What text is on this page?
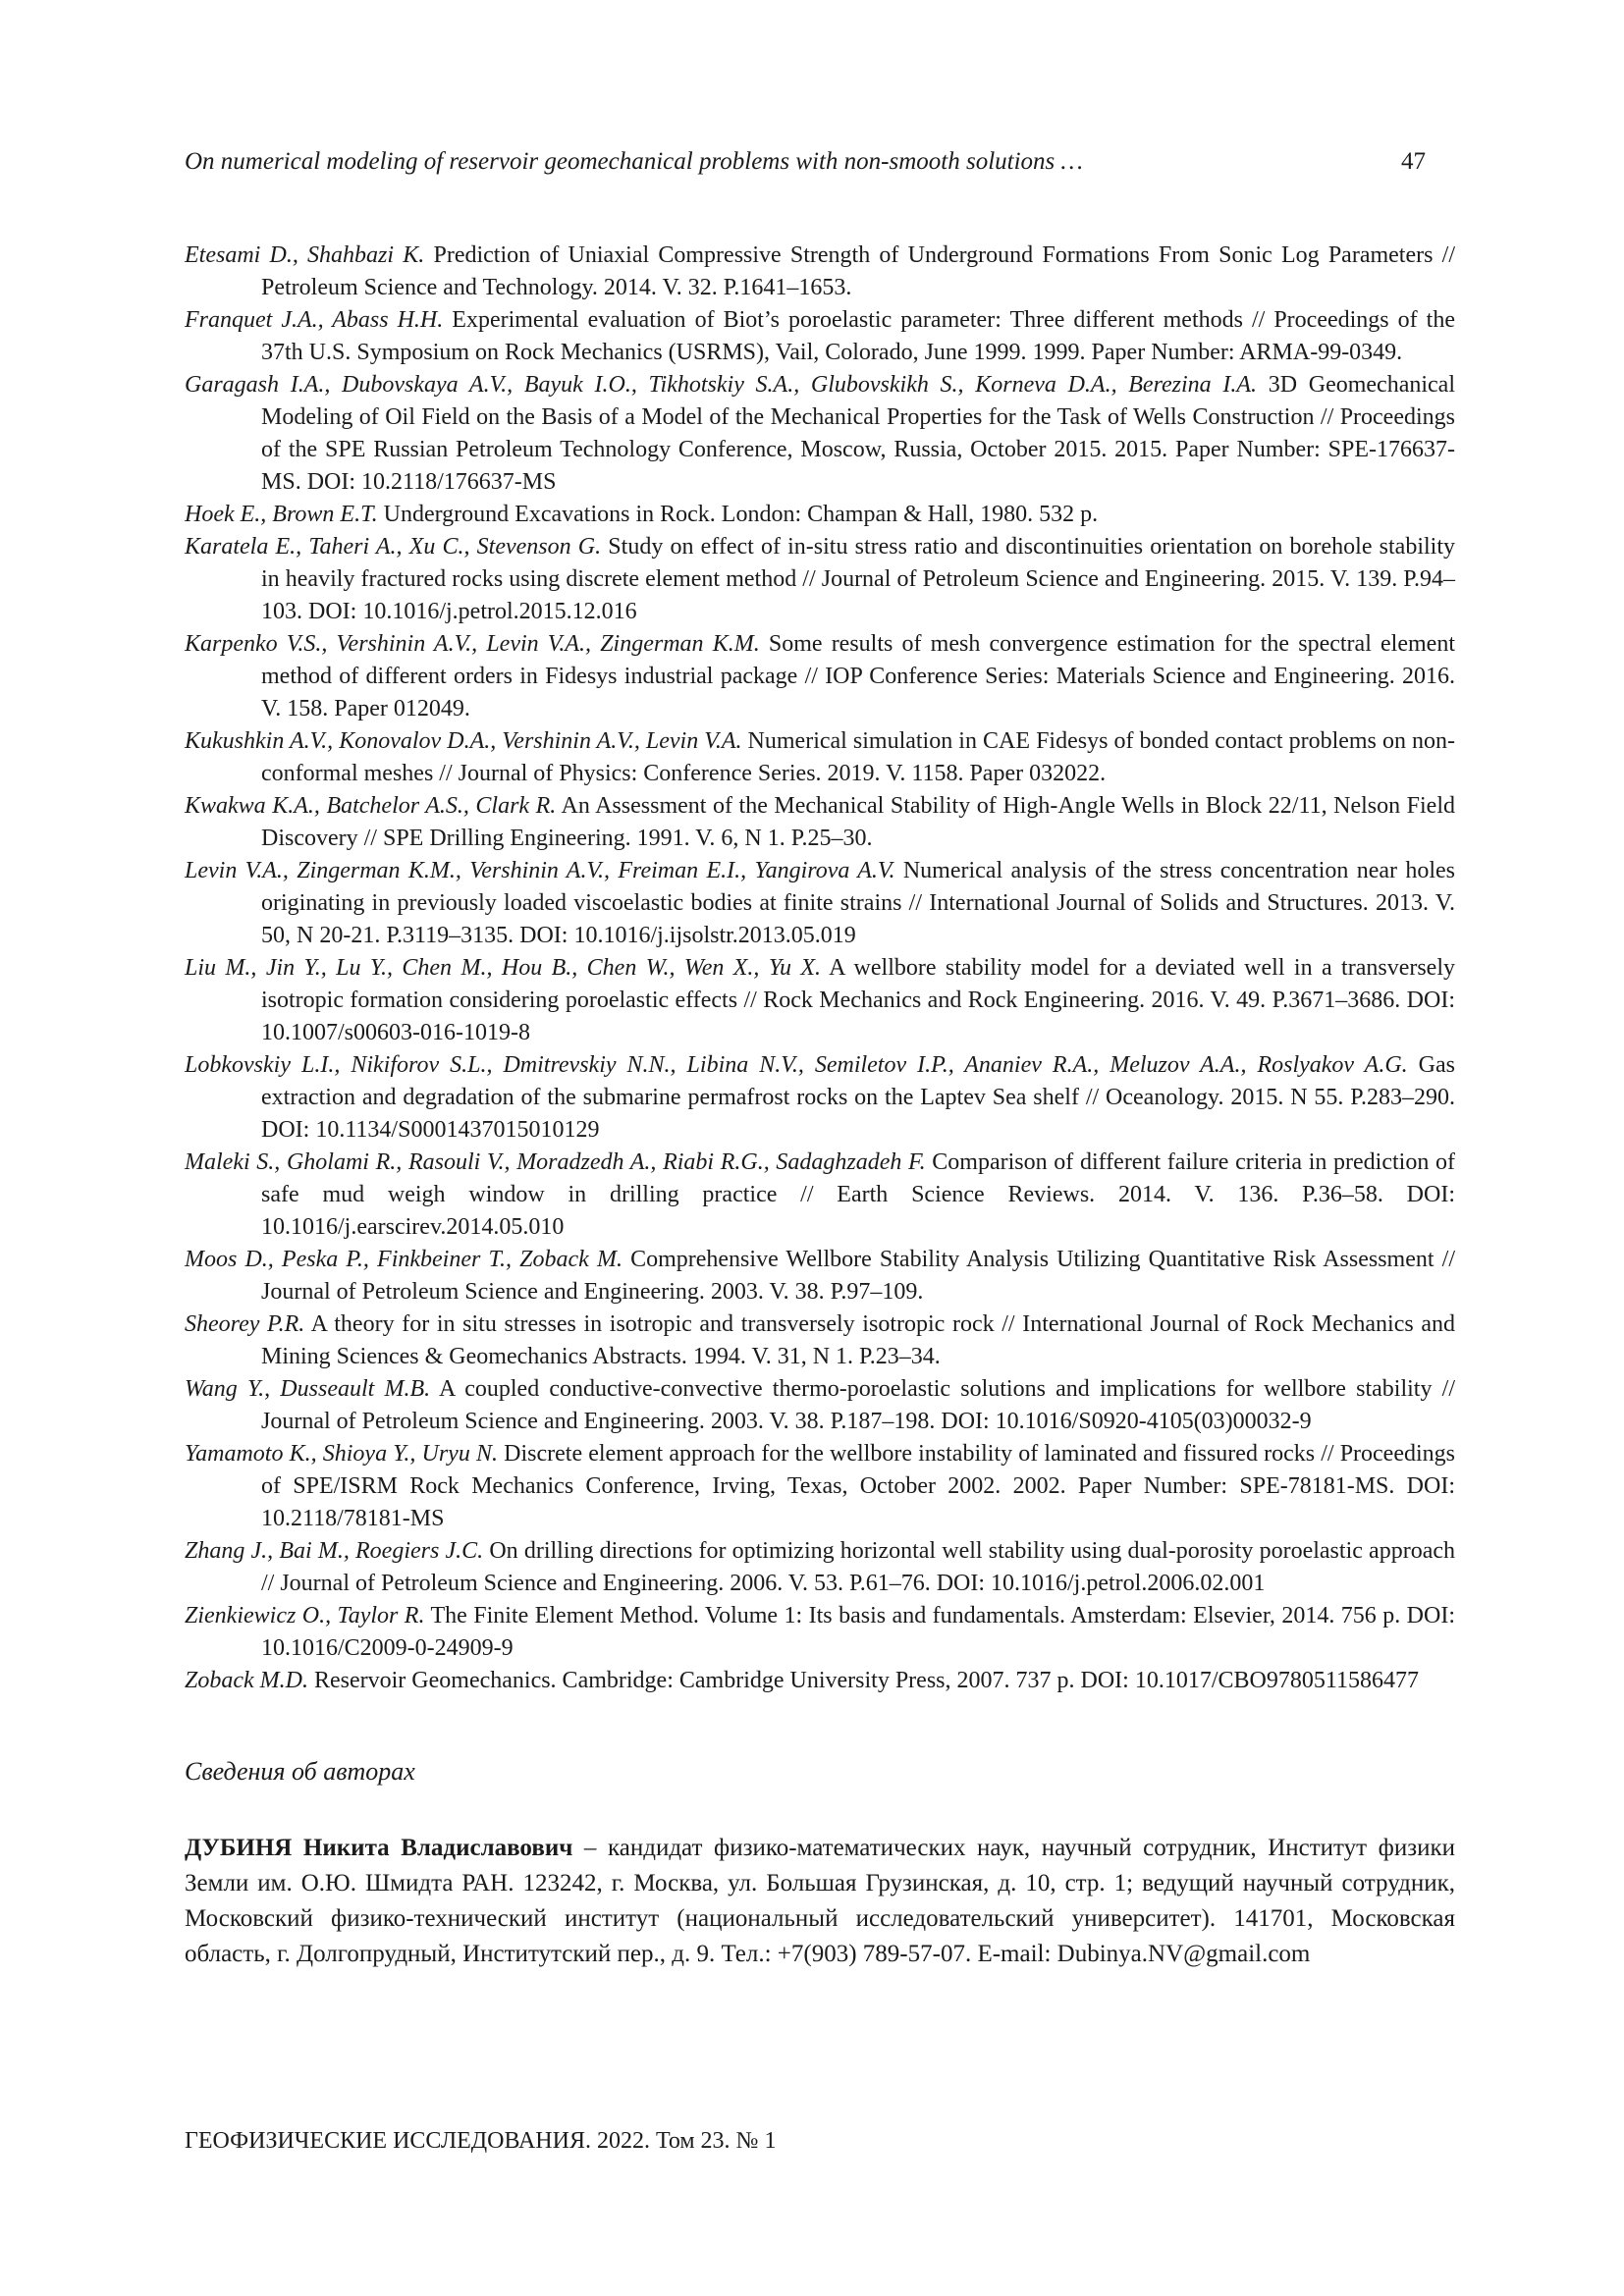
On numerical modeling of reservoir geomechanical problems with non-smooth solutions …	47

Etesami D., Shahbazi K. Prediction of Uniaxial Compressive Strength of Underground Formations From Sonic Log Parameters // Petroleum Science and Technology. 2014. V. 32. P.1641–1653.

Franquet J.A., Abass H.H. Experimental evaluation of Biot’s poroelastic parameter: Three different methods // Proceedings of the 37th U.S. Symposium on Rock Mechanics (USRMS), Vail, Colorado, June 1999. 1999. Paper Number: ARMA-99-0349.

Garagash I.A., Dubovskaya A.V., Bayuk I.O., Tikhotskiy S.A., Glubovskikh S., Korneva D.A., Berezina I.A. 3D Geomechanical Modeling of Oil Field on the Basis of a Model of the Mechanical Properties for the Task of Wells Construction // Proceedings of the SPE Russian Petroleum Technology Conference, Moscow, Russia, October 2015. 2015. Paper Number: SPE-176637-MS. DOI: 10.2118/176637-MS

Hoek E., Brown E.T. Underground Excavations in Rock. London: Champan & Hall, 1980. 532 p.

Karatela E., Taheri A., Xu C., Stevenson G. Study on effect of in-situ stress ratio and discontinuities orientation on borehole stability in heavily fractured rocks using discrete element method // Journal of Petroleum Science and Engineering. 2015. V. 139. P.94–103. DOI: 10.1016/j.petrol.2015.12.016

Karpenko V.S., Vershinin A.V., Levin V.A., Zingerman K.M. Some results of mesh convergence estimation for the spectral element method of different orders in Fidesys industrial package // IOP Conference Series: Materials Science and Engineering. 2016. V. 158. Paper 012049.

Kukushkin A.V., Konovalov D.A., Vershinin A.V., Levin V.A. Numerical simulation in CAE Fidesys of bonded contact problems on non-conformal meshes // Journal of Physics: Conference Series. 2019. V. 1158. Paper 032022.

Kwakwa K.A., Batchelor A.S., Clark R. An Assessment of the Mechanical Stability of High-Angle Wells in Block 22/11, Nelson Field Discovery // SPE Drilling Engineering. 1991. V. 6, N 1. P.25–30.

Levin V.A., Zingerman K.M., Vershinin A.V., Freiman E.I., Yangirova A.V. Numerical analysis of the stress concentration near holes originating in previously loaded viscoelastic bodies at finite strains // International Journal of Solids and Structures. 2013. V. 50, N 20-21. P.3119–3135. DOI: 10.1016/j.ijsolstr.2013.05.019

Liu M., Jin Y., Lu Y., Chen M., Hou B., Chen W., Wen X., Yu X. A wellbore stability model for a deviated well in a transversely isotropic formation considering poroelastic effects // Rock Mechanics and Rock Engineering. 2016. V. 49. P.3671–3686. DOI: 10.1007/s00603-016-1019-8

Lobkovskiy L.I., Nikiforov S.L., Dmitrevskiy N.N., Libina N.V., Semiletov I.P., Ananiev R.A., Meluzov A.A., Roslyakov A.G. Gas extraction and degradation of the submarine permafrost rocks on the Laptev Sea shelf // Oceanology. 2015. N 55. P.283–290. DOI: 10.1134/S0001437015010129

Maleki S., Gholami R., Rasouli V., Moradzedh A., Riabi R.G., Sadaghzadeh F. Comparison of different failure criteria in prediction of safe mud weigh window in drilling practice // Earth Science Reviews. 2014. V. 136. P.36–58. DOI: 10.1016/j.earscirev.2014.05.010

Moos D., Peska P., Finkbeiner T., Zoback M. Comprehensive Wellbore Stability Analysis Utilizing Quantitative Risk Assessment // Journal of Petroleum Science and Engineering. 2003. V. 38. P.97–109.

Sheorey P.R. A theory for in situ stresses in isotropic and transversely isotropic rock // International Journal of Rock Mechanics and Mining Sciences & Geomechanics Abstracts. 1994. V. 31, N 1. P.23–34.

Wang Y., Dusseault M.B. A coupled conductive-convective thermo-poroelastic solutions and implications for wellbore stability // Journal of Petroleum Science and Engineering. 2003. V. 38. P.187–198. DOI: 10.1016/S0920-4105(03)00032-9

Yamamoto K., Shioya Y., Uryu N. Discrete element approach for the wellbore instability of laminated and fissured rocks // Proceedings of SPE/ISRM Rock Mechanics Conference, Irving, Texas, October 2002. 2002. Paper Number: SPE-78181-MS. DOI: 10.2118/78181-MS

Zhang J., Bai M., Roegiers J.C. On drilling directions for optimizing horizontal well stability using dual-porosity poroelastic approach // Journal of Petroleum Science and Engineering. 2006. V. 53. P.61–76. DOI: 10.1016/j.petrol.2006.02.001

Zienkiewicz O., Taylor R. The Finite Element Method. Volume 1: Its basis and fundamentals. Amsterdam: Elsevier, 2014. 756 p. DOI: 10.1016/C2009-0-24909-9

Zoback M.D. Reservoir Geomechanics. Cambridge: Cambridge University Press, 2007. 737 p. DOI: 10.1017/CBO9780511586477

Сведения об авторах

ДУБИНЯ Никита Владиславович – кандидат физико-математических наук, научный сотрудник, Институт физики Земли им. О.Ю. Шмидта РАН. 123242, г. Москва, ул. Большая Грузинская, д. 10, стр. 1; ведущий научный сотрудник, Московский физико-технический институт (национальный исследовательский университет). 141701, Московская область, г. Долгопрудный, Институтский пер., д. 9. Тел.: +7(903) 789-57-07. E-mail: Dubinya.NV@gmail.com

ГЕОФИЗИЧЕСКИЕ ИССЛЕДОВАНИЯ. 2022. Том 23. № 1
